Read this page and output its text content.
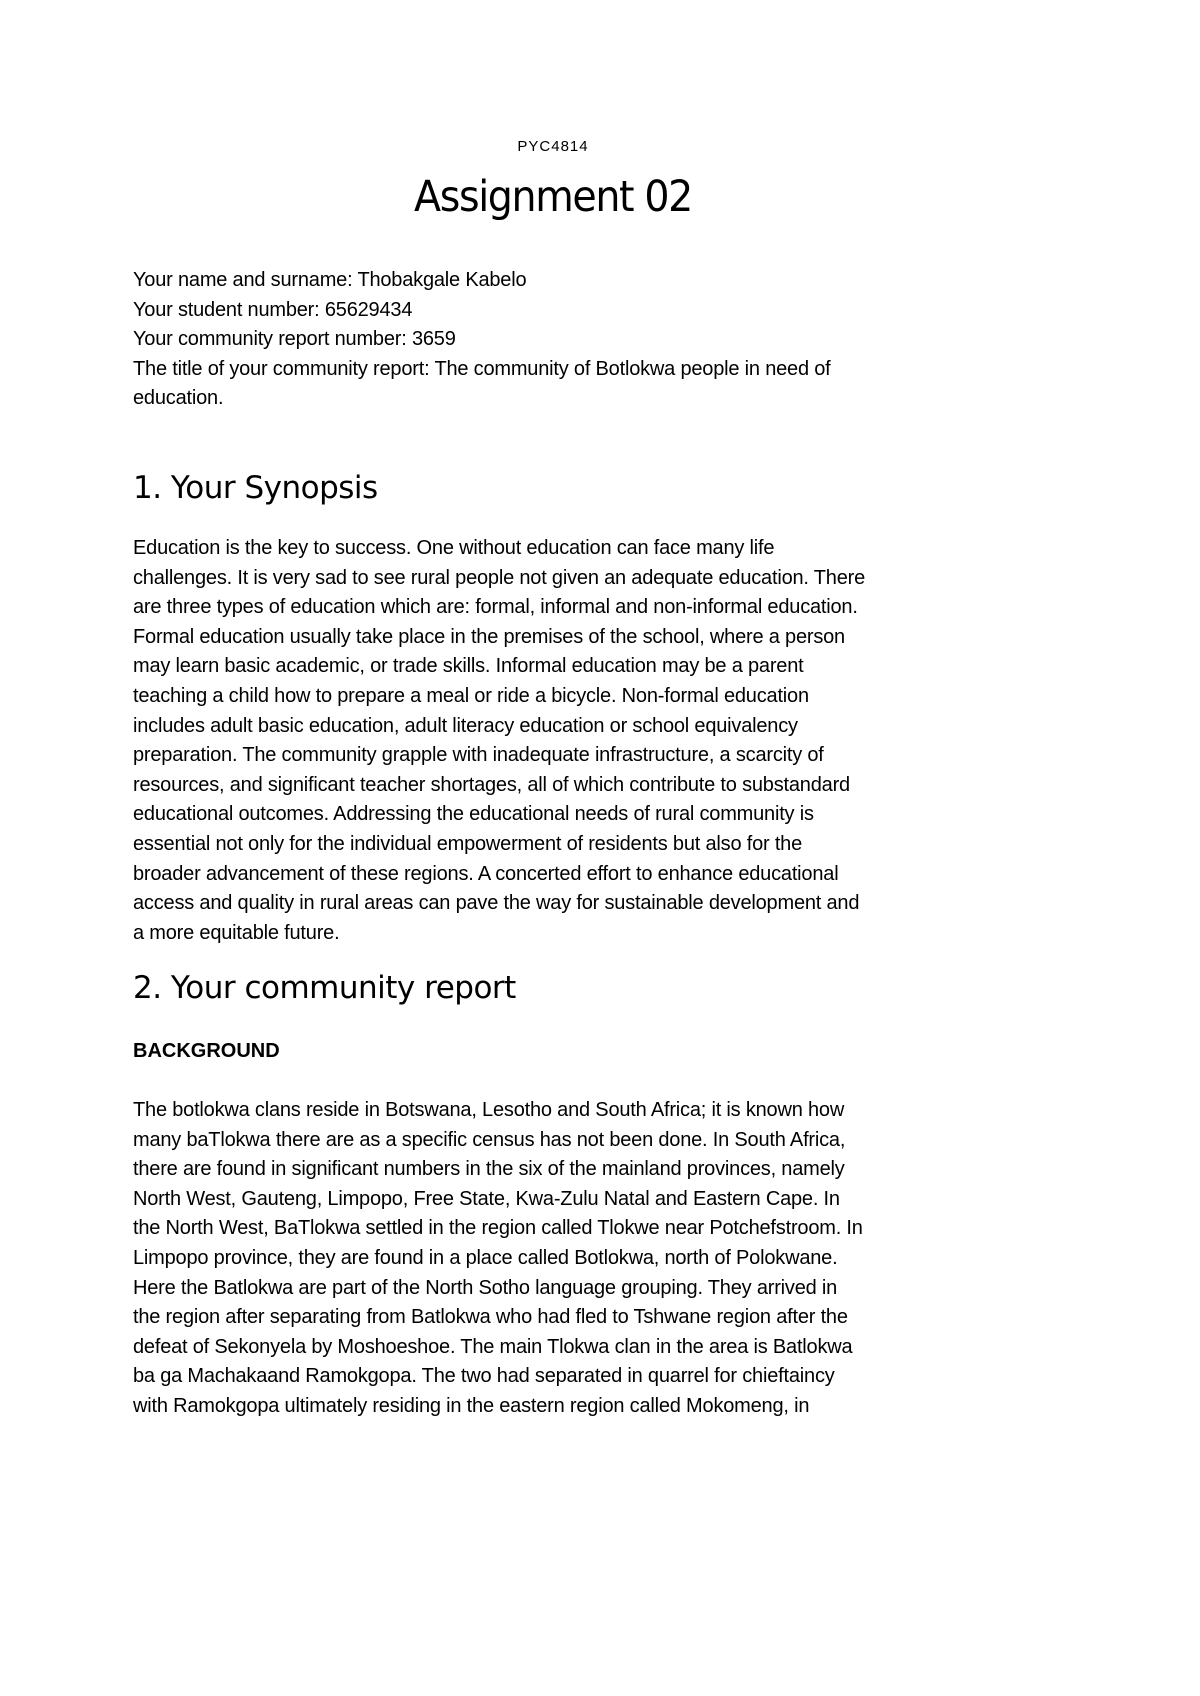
PYC4814
Assignment 02
Your name and surname: Thobakgale Kabelo
Your student number: 65629434
Your community report number: 3659
The title of your community report: The community of Botlokwa people in need of
education.
1. Your Synopsis
Education is the key to success. One without education can face many life
challenges. It is very sad to see rural people not given an adequate education. There
are three types of education which are: formal, informal and non-informal education.
Formal education usually take place in the premises of the school, where a person
may learn basic academic, or trade skills. Informal education may be a parent
teaching a child how to prepare a meal or ride a bicycle. Non-formal education
includes adult basic education, adult literacy education or school equivalency
preparation. The community grapple with inadequate infrastructure, a scarcity of
resources, and significant teacher shortages, all of which contribute to substandard
educational outcomes. Addressing the educational needs of rural community is
essential not only for the individual empowerment of residents but also for the
broader advancement of these regions. A concerted effort to enhance educational
access and quality in rural areas can pave the way for sustainable development and
a more equitable future.
2. Your community report
BACKGROUND
The botlokwa clans reside in Botswana, Lesotho and South Africa; it is known how
many baTlokwa there are as a specific census has not been done. In South Africa,
there are found in significant numbers in the six of the mainland provinces, namely
North West, Gauteng, Limpopo, Free State, Kwa-Zulu Natal and Eastern Cape. In
the North West, BaTlokwa settled in the region called Tlokwe near Potchefstroom. In
Limpopo province, they are found in a place called Botlokwa, north of Polokwane.
Here the Batlokwa are part of the North Sotho language grouping. They arrived in
the region after separating from Batlokwa who had fled to Tshwane region after the
defeat of Sekonyela by Moshoeshoe. The main Tlokwa clan in the area is Batlokwa
ba ga Machakaand Ramokgopa. The two had separated in quarrel for chieftaincy
with Ramokgopa ultimately residing in the eastern region called Mokomeng, in
